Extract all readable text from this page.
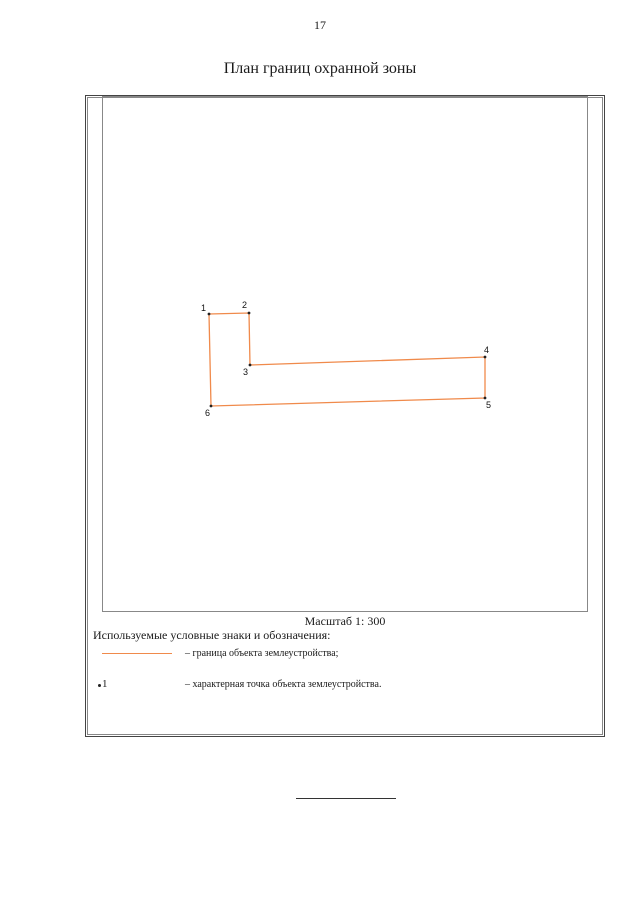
17
План границ охранной зоны
1	2
3
4
5
6
Масштаб 1: 300
Используемые условные знаки и обозначения:
– граница объекта землеустройства;
1	– характерная точка объекта землеустройства.
